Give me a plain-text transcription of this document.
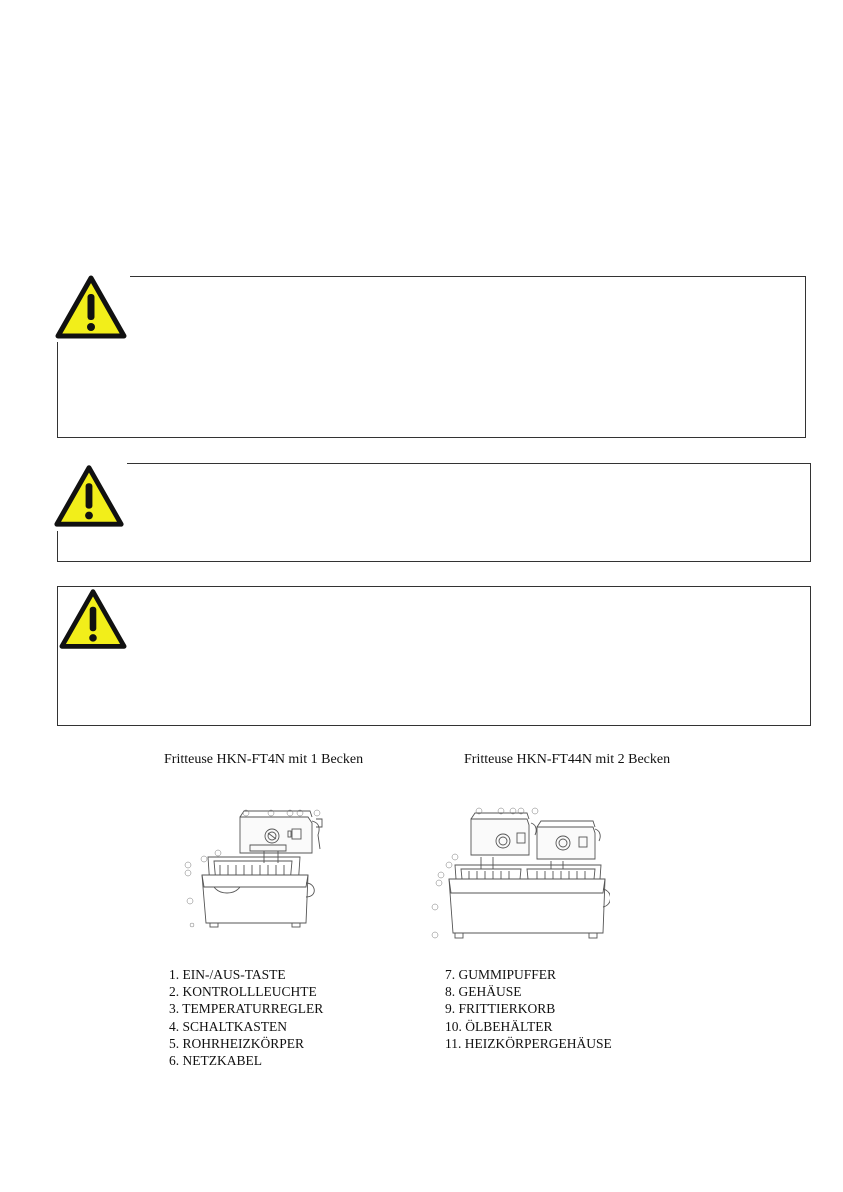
Fritteuse HKN-FT4N mit 1 Becken	Fritteuse HKN-FT44N mit 2 Becken
1. EIN-/AUS-TASTE
2. KONTROLLLEUCHTE
3. TEMPERATURREGLER
4. SCHALTKASTEN
5. ROHRHEIZKÖRPER
6. NETZKABEL
7. GUMMIPUFFER
8. GEHÄUSE
9. FRITTIERKORB
10. ÖLBEHÄLTER
11. HEIZKÖRPERGEHÄUSE
